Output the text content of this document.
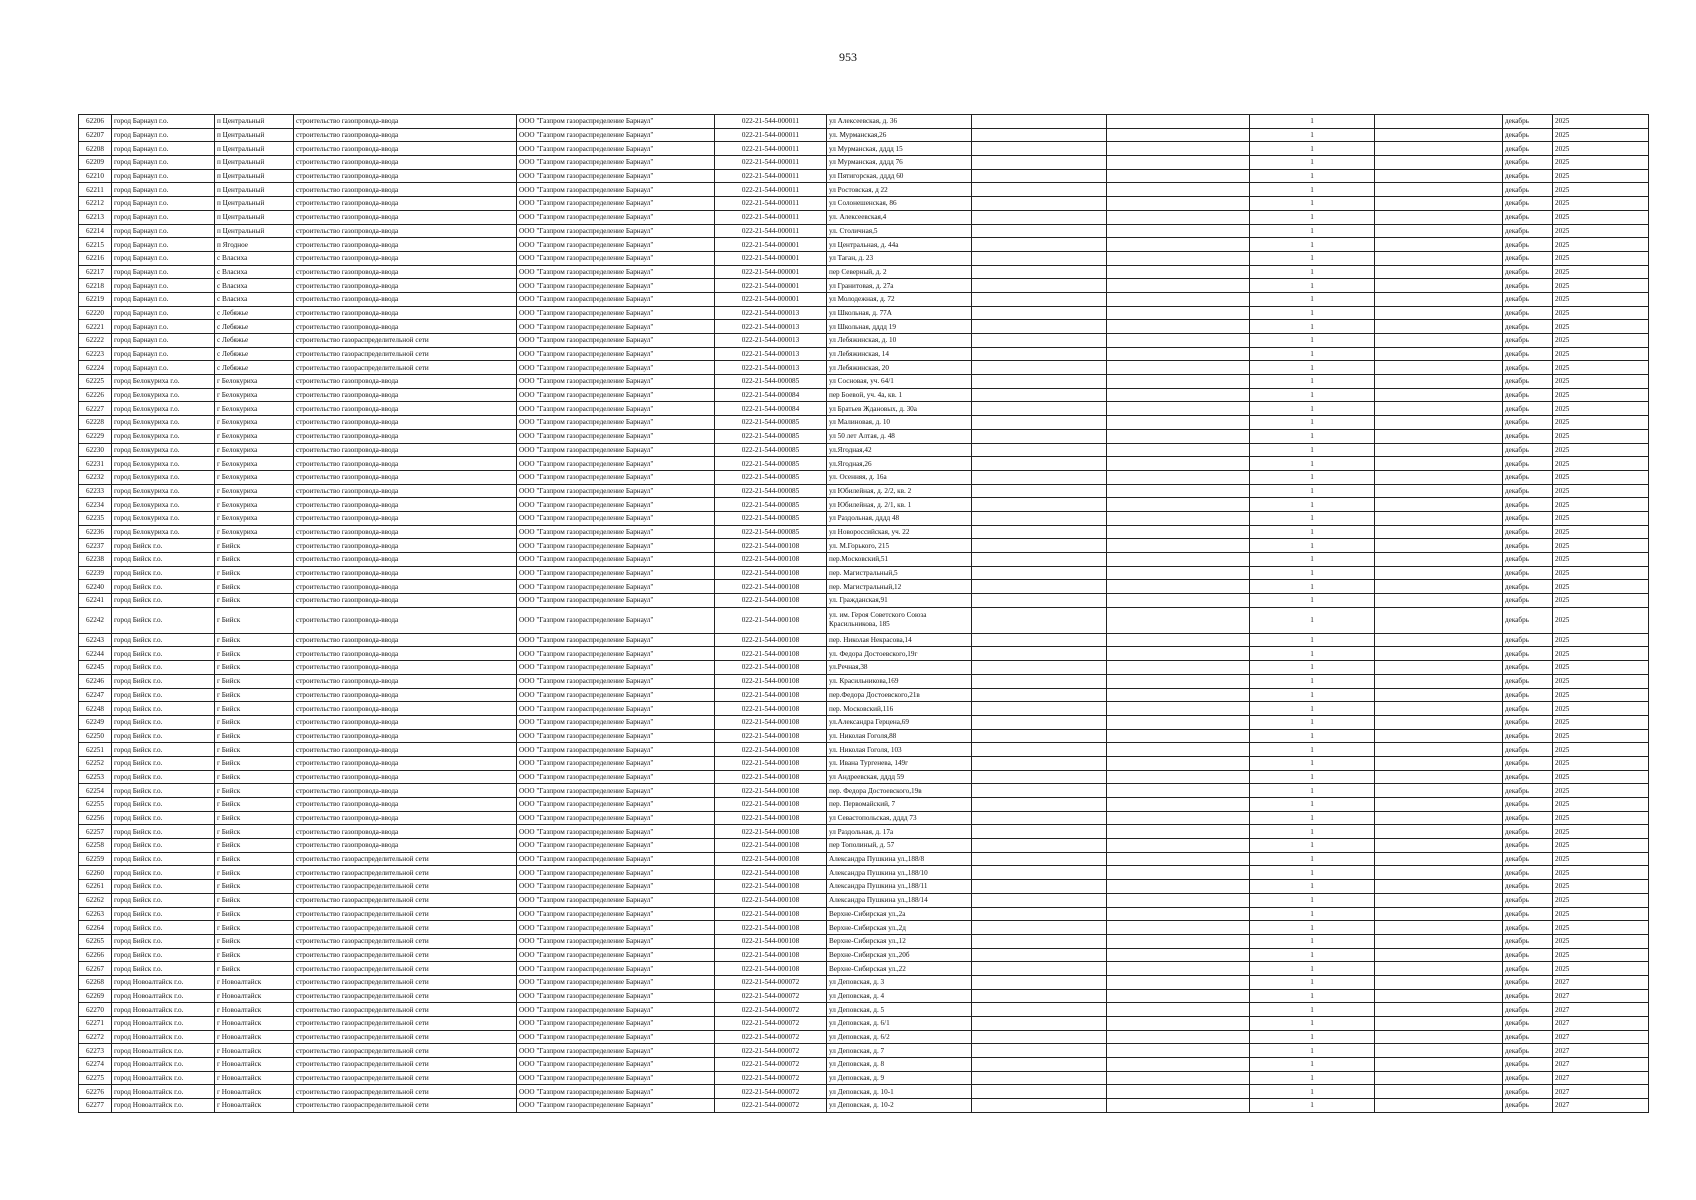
953
62206	город Барнаул г.о.	п Центральный	строительство газопровода-ввода	ООО "Газпром газораспределение Барнаул"	022-21-544-000011	ул Алексеевская, д. 36			1		декабрь	2025
62207	город Барнаул г.о.	п Центральный	строительство газопровода-ввода	ООО "Газпром газораспределение Барнаул"	022-21-544-000011	ул. Мурманская,26			1		декабрь	2025
62208	город Барнаул г.о.	п Центральный	строительство газопровода-ввода	ООО "Газпром газораспределение Барнаул"	022-21-544-000011	ул Мурманская, дддд 15			1		декабрь	2025
62209	город Барнаул г.о.	п Центральный	строительство газопровода-ввода	ООО "Газпром газораспределение Барнаул"	022-21-544-000011	ул Мурманская, дддд 76			1		декабрь	2025
62210	город Барнаул г.о.	п Центральный	строительство газопровода-ввода	ООО "Газпром газораспределение Барнаул"	022-21-544-000011	ул Пятигорская, дддд 60			1		декабрь	2025
62211	город Барнаул г.о.	п Центральный	строительство газопровода-ввода	ООО "Газпром газораспределение Барнаул"	022-21-544-000011	ул Ростовская, д 22			1		декабрь	2025
62212	город Барнаул г.о.	п Центральный	строительство газопровода-ввода	ООО "Газпром газораспределение Барнаул"	022-21-544-000011	ул Солонешенская, 86			1		декабрь	2025
62213	город Барнаул г.о.	п Центральный	строительство газопровода-ввода	ООО "Газпром газораспределение Барнаул"	022-21-544-000011	ул. Алексеевская,4			1		декабрь	2025
62214	город Барнаул г.о.	п Центральный	строительство газопровода-ввода	ООО "Газпром газораспределение Барнаул"	022-21-544-000011	ул. Столичная,5			1		декабрь	2025
62215	город Барнаул г.о.	п Ягодное	строительство газопровода-ввода	ООО "Газпром газораспределение Барнаул"	022-21-544-000001	ул Центральная, д. 44а			1		декабрь	2025
62216	город Барнаул г.о.	с Власиха	строительство газопровода-ввода	ООО "Газпром газораспределение Барнаул"	022-21-544-000001	ул Таган, д. 23			1		декабрь	2025
62217	город Барнаул г.о.	с Власиха	строительство газопровода-ввода	ООО "Газпром газораспределение Барнаул"	022-21-544-000001	пер Северный, д. 2			1		декабрь	2025
62218	город Барнаул г.о.	с Власиха	строительство газопровода-ввода	ООО "Газпром газораспределение Барнаул"	022-21-544-000001	ул Гранитовая, д. 27а			1		декабрь	2025
62219	город Барнаул г.о.	с Власиха	строительство газопровода-ввода	ООО "Газпром газораспределение Барнаул"	022-21-544-000001	ул Молодежная, д. 72			1		декабрь	2025
62220	город Барнаул г.о.	с Лебяжье	строительство газопровода-ввода	ООО "Газпром газораспределение Барнаул"	022-21-544-000013	ул Школьная, д. 77А			1		декабрь	2025
62221	город Барнаул г.о.	с Лебяжье	строительство газопровода-ввода	ООО "Газпром газораспределение Барнаул"	022-21-544-000013	ул Школьная, дддд 19			1		декабрь	2025
62222	город Барнаул г.о.	с Лебяжье	строительство газораспределительной сети	ООО "Газпром газораспределение Барнаул"	022-21-544-000013	ул Лебяжинская, д. 10			1		декабрь	2025
62223	город Барнаул г.о.	с Лебяжье	строительство газораспределительной сети	ООО "Газпром газораспределение Барнаул"	022-21-544-000013	ул Лебяжинская, 14			1		декабрь	2025
62224	город Барнаул г.о.	с Лебяжье	строительство газораспределительной сети	ООО "Газпром газораспределение Барнаул"	022-21-544-000013	ул Лебяжинская, 20			1		декабрь	2025
62225	город Белокуриха г.о.	г Белокуриха	строительство газопровода-ввода	ООО "Газпром газораспределение Барнаул"	022-21-544-000085	ул Сосновая, уч. 64/1			1		декабрь	2025
62226	город Белокуриха г.о.	г Белокуриха	строительство газопровода-ввода	ООО "Газпром газораспределение Барнаул"	022-21-544-000084	пер Боевой, уч. 4а, кв. 1			1		декабрь	2025
62227	город Белокуриха г.о.	г Белокуриха	строительство газопровода-ввода	ООО "Газпром газораспределение Барнаул"	022-21-544-000084	ул Братьев Ждановых, д. 30а			1		декабрь	2025
62228	город Белокуриха г.о.	г Белокуриха	строительство газопровода-ввода	ООО "Газпром газораспределение Барнаул"	022-21-544-000085	ул Малиновая, д. 10			1		декабрь	2025
62229	город Белокуриха г.о.	г Белокуриха	строительство газопровода-ввода	ООО "Газпром газораспределение Барнаул"	022-21-544-000085	ул 50 лет Алтая, д. 48			1		декабрь	2025
62230	город Белокуриха г.о.	г Белокуриха	строительство газопровода-ввода	ООО "Газпром газораспределение Барнаул"	022-21-544-000085	ул.Ягодная,42			1		декабрь	2025
62231	город Белокуриха г.о.	г Белокуриха	строительство газопровода-ввода	ООО "Газпром газораспределение Барнаул"	022-21-544-000085	ул.Ягодная,26			1		декабрь	2025
62232	город Белокуриха г.о.	г Белокуриха	строительство газопровода-ввода	ООО "Газпром газораспределение Барнаул"	022-21-544-000085	ул. Осенняя, д. 16а			1		декабрь	2025
62233	город Белокуриха г.о.	г Белокуриха	строительство газопровода-ввода	ООО "Газпром газораспределение Барнаул"	022-21-544-000085	ул Юбилейная, д. 2/2, кв. 2			1		декабрь	2025
62234	город Белокуриха г.о.	г Белокуриха	строительство газопровода-ввода	ООО "Газпром газораспределение Барнаул"	022-21-544-000085	ул Юбилейная, д. 2/1, кв. 1			1		декабрь	2025
62235	город Белокуриха г.о.	г Белокуриха	строительство газопровода-ввода	ООО "Газпром газораспределение Барнаул"	022-21-544-000085	ул Раздольная, дддд 48			1		декабрь	2025
62236	город Белокуриха г.о.	г Белокуриха	строительство газопровода-ввода	ООО "Газпром газораспределение Барнаул"	022-21-544-000085	ул Новороссийская, уч. 22			1		декабрь	2025
62237	город Бийск г.о.	г Бийск	строительство газопровода-ввода	ООО "Газпром газораспределение Барнаул"	022-21-544-000108	ул. М.Горького, 215			1		декабрь	2025
62238	город Бийск г.о.	г Бийск	строительство газопровода-ввода	ООО "Газпром газораспределение Барнаул"	022-21-544-000108	пер.Московский,51			1		декабрь	2025
62239	город Бийск г.о.	г Бийск	строительство газопровода-ввода	ООО "Газпром газораспределение Барнаул"	022-21-544-000108	пер. Магистральный,5			1		декабрь	2025
62240	город Бийск г.о.	г Бийск	строительство газопровода-ввода	ООО "Газпром газораспределение Барнаул"	022-21-544-000108	пер. Магистральный,12			1		декабрь	2025
62241	город Бийск г.о.	г Бийск	строительство газопровода-ввода	ООО "Газпром газораспределение Барнаул"	022-21-544-000108	ул. Гражданская,91			1		декабрь	2025
62242	город Бийск г.о.	г Бийск	строительство газопровода-ввода	ООО "Газпром газораспределение Барнаул"	022-21-544-000108	ул. им. Героя Советского Союза Красильникова, 185			1		декабрь	2025
62243	город Бийск г.о.	г Бийск	строительство газопровода-ввода	ООО "Газпром газораспределение Барнаул"	022-21-544-000108	пер. Николая Некрасова,14			1		декабрь	2025
62244	город Бийск г.о.	г Бийск	строительство газопровода-ввода	ООО "Газпром газораспределение Барнаул"	022-21-544-000108	ул. Федора Достоевского,19г			1		декабрь	2025
62245	город Бийск г.о.	г Бийск	строительство газопровода-ввода	ООО "Газпром газораспределение Барнаул"	022-21-544-000108	ул.Речная,38			1		декабрь	2025
62246	город Бийск г.о.	г Бийск	строительство газопровода-ввода	ООО "Газпром газораспределение Барнаул"	022-21-544-000108	ул. Красильникова,169			1		декабрь	2025
62247	город Бийск г.о.	г Бийск	строительство газопровода-ввода	ООО "Газпром газораспределение Барнаул"	022-21-544-000108	пер.Федора Достоевского,21в			1		декабрь	2025
62248	город Бийск г.о.	г Бийск	строительство газопровода-ввода	ООО "Газпром газораспределение Барнаул"	022-21-544-000108	пер. Московский,116			1		декабрь	2025
62249	город Бийск г.о.	г Бийск	строительство газопровода-ввода	ООО "Газпром газораспределение Барнаул"	022-21-544-000108	ул.Александра Герцена,69			1		декабрь	2025
62250	город Бийск г.о.	г Бийск	строительство газопровода-ввода	ООО "Газпром газораспределение Барнаул"	022-21-544-000108	ул. Николая Гоголя,88			1		декабрь	2025
62251	город Бийск г.о.	г Бийск	строительство газопровода-ввода	ООО "Газпром газораспределение Барнаул"	022-21-544-000108	ул. Николая Гоголя, 103			1		декабрь	2025
62252	город Бийск г.о.	г Бийск	строительство газопровода-ввода	ООО "Газпром газораспределение Барнаул"	022-21-544-000108	ул. Ивана Тургенева, 149г			1		декабрь	2025
62253	город Бийск г.о.	г Бийск	строительство газопровода-ввода	ООО "Газпром газораспределение Барнаул"	022-21-544-000108	ул Андреевская, дддд 59			1		декабрь	2025
62254	город Бийск г.о.	г Бийск	строительство газопровода-ввода	ООО "Газпром газораспределение Барнаул"	022-21-544-000108	пер. Федора Достоевского,19в			1		декабрь	2025
62255	город Бийск г.о.	г Бийск	строительство газопровода-ввода	ООО "Газпром газораспределение Барнаул"	022-21-544-000108	пер. Первомайский, 7			1		декабрь	2025
62256	город Бийск г.о.	г Бийск	строительство газопровода-ввода	ООО "Газпром газораспределение Барнаул"	022-21-544-000108	ул Севастопольская, дддд 73			1		декабрь	2025
62257	город Бийск г.о.	г Бийск	строительство газопровода-ввода	ООО "Газпром газораспределение Барнаул"	022-21-544-000108	ул Раздольная, д. 17а			1		декабрь	2025
62258	город Бийск г.о.	г Бийск	строительство газопровода-ввода	ООО "Газпром газораспределение Барнаул"	022-21-544-000108	пер Тополиный, д. 57			1		декабрь	2025
62259	город Бийск г.о.	г Бийск	строительство газораспределительной сети	ООО "Газпром газораспределение Барнаул"	022-21-544-000108	Александра Пушкина ул.,188/8			1		декабрь	2025
62260	город Бийск г.о.	г Бийск	строительство газораспределительной сети	ООО "Газпром газораспределение Барнаул"	022-21-544-000108	Александра Пушкина ул.,188/10			1		декабрь	2025
62261	город Бийск г.о.	г Бийск	строительство газораспределительной сети	ООО "Газпром газораспределение Барнаул"	022-21-544-000108	Александра Пушкина ул.,188/11			1		декабрь	2025
62262	город Бийск г.о.	г Бийск	строительство газораспределительной сети	ООО "Газпром газораспределение Барнаул"	022-21-544-000108	Александра Пушкина ул.,188/14			1		декабрь	2025
62263	город Бийск г.о.	г Бийск	строительство газораспределительной сети	ООО "Газпром газораспределение Барнаул"	022-21-544-000108	Верхне-Сибирская ул.,2а			1		декабрь	2025
62264	город Бийск г.о.	г Бийск	строительство газораспределительной сети	ООО "Газпром газораспределение Барнаул"	022-21-544-000108	Верхне-Сибирская ул.,2д			1		декабрь	2025
62265	город Бийск г.о.	г Бийск	строительство газораспределительной сети	ООО "Газпром газораспределение Барнаул"	022-21-544-000108	Верхне-Сибирская ул.,12			1		декабрь	2025
62266	город Бийск г.о.	г Бийск	строительство газораспределительной сети	ООО "Газпром газораспределение Барнаул"	022-21-544-000108	Верхне-Сибирская ул.,20б			1		декабрь	2025
62267	город Бийск г.о.	г Бийск	строительство газораспределительной сети	ООО "Газпром газораспределение Барнаул"	022-21-544-000108	Верхне-Сибирская ул.,22			1		декабрь	2025
62268	город Новоалтайск г.о.	г Новоалтайск	строительство газораспределительной сети	ООО "Газпром газораспределение Барнаул"	022-21-544-000072	ул Деповская, д. 3			1		декабрь	2027
62269	город Новоалтайск г.о.	г Новоалтайск	строительство газораспределительной сети	ООО "Газпром газораспределение Барнаул"	022-21-544-000072	ул Деповская, д. 4			1		декабрь	2027
62270	город Новоалтайск г.о.	г Новоалтайск	строительство газораспределительной сети	ООО "Газпром газораспределение Барнаул"	022-21-544-000072	ул Деповская, д. 5			1		декабрь	2027
62271	город Новоалтайск г.о.	г Новоалтайск	строительство газораспределительной сети	ООО "Газпром газораспределение Барнаул"	022-21-544-000072	ул Деповская, д. 6/1			1		декабрь	2027
62272	город Новоалтайск г.о.	г Новоалтайск	строительство газораспределительной сети	ООО "Газпром газораспределение Барнаул"	022-21-544-000072	ул Деповская, д. 6/2			1		декабрь	2027
62273	город Новоалтайск г.о.	г Новоалтайск	строительство газораспределительной сети	ООО "Газпром газораспределение Барнаул"	022-21-544-000072	ул Деповская, д. 7			1		декабрь	2027
62274	город Новоалтайск г.о.	г Новоалтайск	строительство газораспределительной сети	ООО "Газпром газораспределение Барнаул"	022-21-544-000072	ул Деповская, д. 8			1		декабрь	2027
62275	город Новоалтайск г.о.	г Новоалтайск	строительство газораспределительной сети	ООО "Газпром газораспределение Барнаул"	022-21-544-000072	ул Деповская, д. 9			1		декабрь	2027
62276	город Новоалтайск г.о.	г Новоалтайск	строительство газораспределительной сети	ООО "Газпром газораспределение Барнаул"	022-21-544-000072	ул Деповская, д. 10-1			1		декабрь	2027
62277	город Новоалтайск г.о.	г Новоалтайск	строительство газораспределительной сети	ООО "Газпром газораспределение Барнаул"	022-21-544-000072	ул Деповская, д. 10-2			1		декабрь	2027
